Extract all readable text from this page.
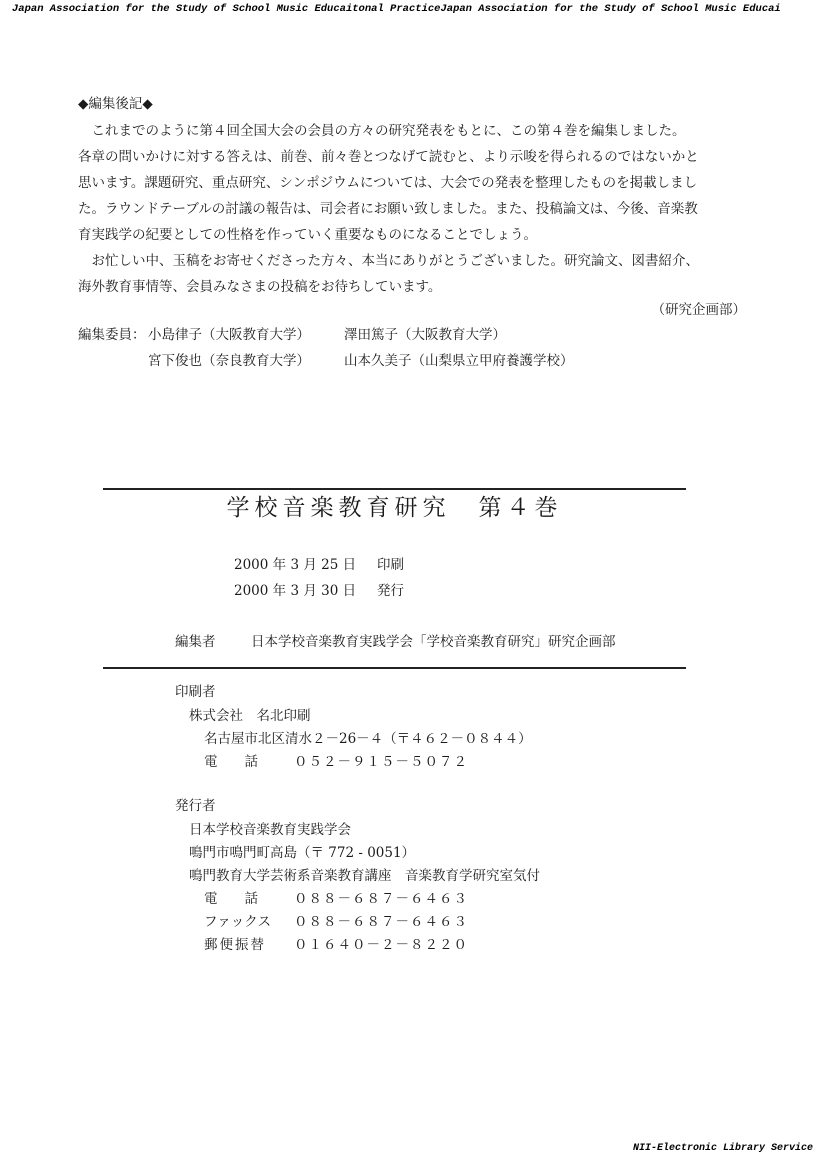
Japan Association for the Study of School Music Educaitonal PracticeJapan Association for the Study of School Music Educai
◆編集後記◆
　これまでのように第４回全国大会の会員の方々の研究発表をもとに、この第４巻を編集しました。
各章の問いかけに対する答えは、前巻、前々巻とつなげて読むと、より示唆を得られるのではないかと
思います。課題研究、重点研究、シンポジウムについては、大会での発表を整理したものを掲載しまし
た。ラウンドテーブルの討議の報告は、司会者にお願い致しました。また、投稿論文は、今後、音楽教
育実践学の紀要としての性格を作っていく重要なものになることでしょう。
　お忙しい中、玉稿をお寄せくださった方々、本当にありがとうございました。研究論文、図書紹介、
海外教育事情等、会員みなさまの投稿をお待ちしています。
（研究企画部）
編集委員： 小島律子（大阪教育大学）	澤田篤子（大阪教育大学）
宮下俊也（奈良教育大学）	山本久美子（山梨県立甲府養護学校）
学校音楽教育研究　第４巻
2000 年 3 月 25 日 印刷
2000 年 3 月 30 日 発行
編集者	日本学校音楽教育実践学会「学校音楽教育研究」研究企画部
印刷者
株式会社　名北印刷
名古屋市北区清水２－26－４（〒４６２－０８４４）
電　　話	０５２－９１５－５０７２
発行者
日本学校音楽教育実践学会
鳴門市鳴門町高島（〒 772 - 0051）
鳴門教育大学芸術系音楽教育講座　音楽教育学研究室気付
電　　話	０８８－６８７－６４６３
ファックス ０８８－６８７－６４６３
郵便振替 ０１６４０－２－８２２０
NII-Electronic Library Service
